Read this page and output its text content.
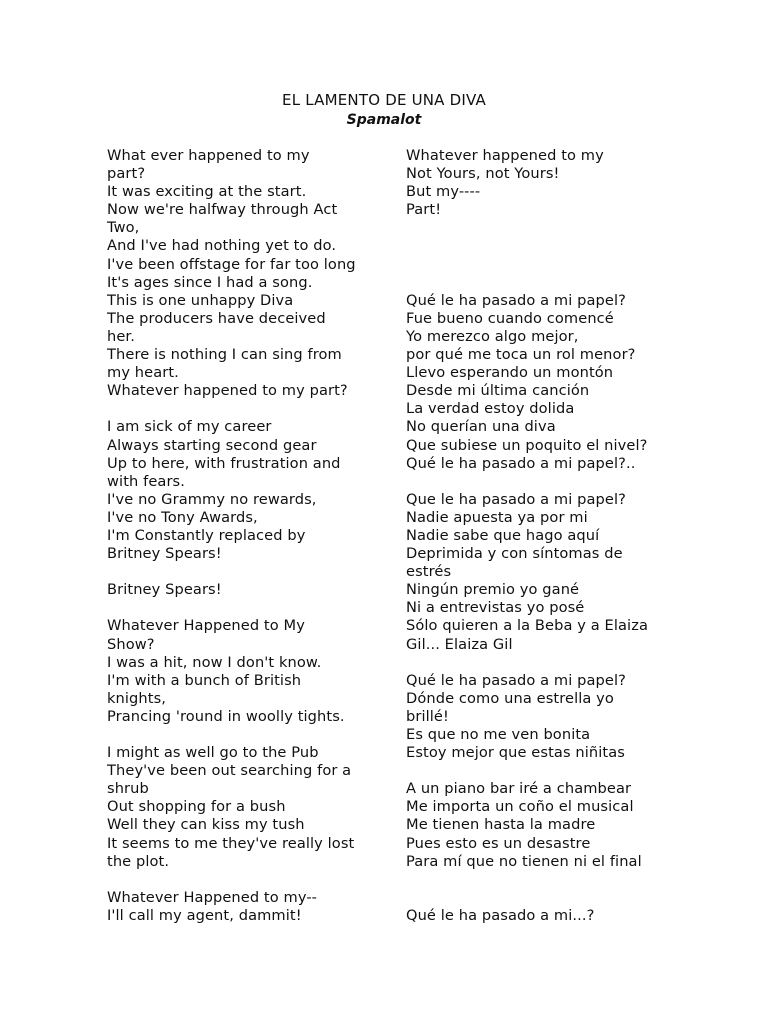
EL LAMENTO DE UNA DIVA
Spamalot
What ever happened to my
part?
It was exciting at the start.
Now we're halfway through Act
Two,
And I've had nothing yet to do.
I've been offstage for far too long
It's ages since I had a song.
This is one unhappy Diva
The producers have deceived
her.
There is nothing I can sing from
my heart.
Whatever happened to my part?
I am sick of my career
Always starting second gear
Up to here, with frustration and
with fears.
I've no Grammy no rewards,
I've no Tony Awards,
I'm Constantly replaced by
Britney Spears!
Britney Spears!
Whatever Happened to My
Show?
I was a hit, now I don't know.
I'm with a bunch of British
knights,
Prancing 'round in woolly tights.
I might as well go to the Pub
They've been out searching for a
shrub
Out shopping for a bush
Well they can kiss my tush
It seems to me they've really lost
the plot.
Whatever Happened to my--
I'll call my agent, dammit!
Whatever happened to my
Not Yours, not Yours!
But my----
Part!
Qué le ha pasado a mi papel?
Fue bueno cuando comencé
Yo merezco algo mejor,
por qué me toca un rol menor?
Llevo esperando un montón
Desde mi última canción
La verdad estoy dolida
No querían una diva
Que subiese un poquito el nivel?
Qué le ha pasado a mi papel?..
Que le ha pasado a mi papel?
Nadie apuesta ya por mi
Nadie sabe que hago aquí
Deprimida y con síntomas de
estrés
Ningún premio yo gané
Ni a entrevistas yo posé
Sólo quieren a la Beba y a Elaiza
Gil... Elaiza Gil
Qué le ha pasado a mi papel?
Dónde como una estrella yo
brillé!
Es que no me ven bonita
Estoy mejor que estas niñitas
A un piano bar iré a chambear
Me importa un coño el musical
Me tienen hasta la madre
Pues esto es un desastre
Para mí que no tienen ni el final
Qué le ha pasado a mi...?
